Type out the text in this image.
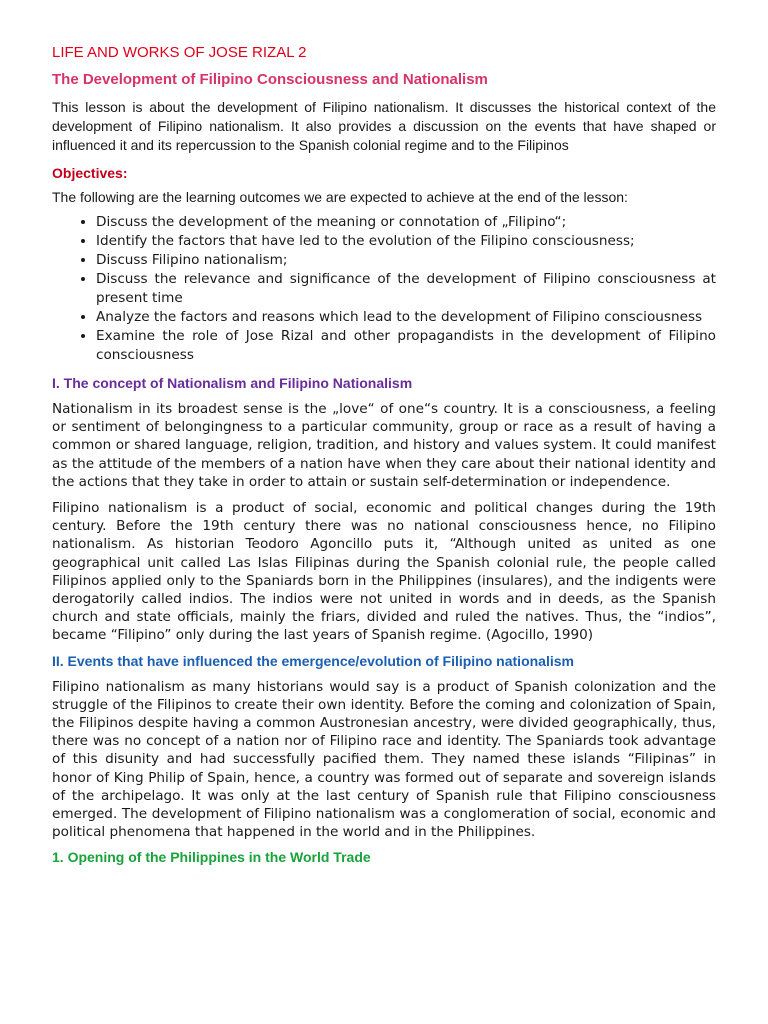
LIFE AND WORKS OF JOSE RIZAL 2
The Development of Filipino Consciousness and Nationalism

This lesson is about the development of Filipino nationalism. It discusses the historical context of the development of Filipino nationalism. It also provides a discussion on the events that have shaped or influenced it and its repercussion to the Spanish colonial regime and to the Filipinos

Objectives:

The following are the learning outcomes we are expected to achieve at the end of the lesson:

• Discuss the development of the meaning or connotation of „Filipino“;
• Identify the factors that have led to the evolution of the Filipino consciousness;
• Discuss Filipino nationalism;
• Discuss the relevance and significance of the development of Filipino consciousness at present time
• Analyze the factors and reasons which lead to the development of Filipino consciousness
• Examine the role of Jose Rizal and other propagandists in the development of Filipino consciousness
I. The concept of Nationalism and Filipino Nationalism

Nationalism in its broadest sense is the „love“ of one“s country. It is a consciousness, a feeling or sentiment of belongingness to a particular community, group or race as a result of having a common or shared language, religion, tradition, and history and values system. It could manifest as the attitude of the members of a nation have when they care about their national identity and the actions that they take in order to attain or sustain self-determination or independence.

Filipino nationalism is a product of social, economic and political changes during the 19th century. Before the 19th century there was no national consciousness hence, no Filipino nationalism. As historian Teodoro Agoncillo puts it, “Although united as united as one geographical unit called Las Islas Filipinas during the Spanish colonial rule, the people called Filipinos applied only to the Spaniards born in the Philippines (insulares), and the indigents were derogatorily called indios. The indios were not united in words and in deeds, as the Spanish church and state officials, mainly the friars, divided and ruled the natives. Thus, the “indios”, became “Filipino” only during the last years of Spanish regime. (Agocillo, 1990)

II. Events that have influenced the emergence/evolution of Filipino nationalism

Filipino nationalism as many historians would say is a product of Spanish colonization and the struggle of the Filipinos to create their own identity. Before the coming and colonization of Spain, the Filipinos despite having a common Austronesian ancestry, were divided geographically, thus, there was no concept of a nation nor of Filipino race and identity. The Spaniards took advantage of this disunity and had successfully pacified them. They named these islands “Filipinas” in honor of King Philip of Spain, hence, a country was formed out of separate and sovereign islands of the archipelago. It was only at the last century of Spanish rule that Filipino consciousness emerged. The development of Filipino nationalism was a conglomeration of social, economic and political phenomena that happened in the world and in the Philippines.

1. Opening of the Philippines in the World Trade
